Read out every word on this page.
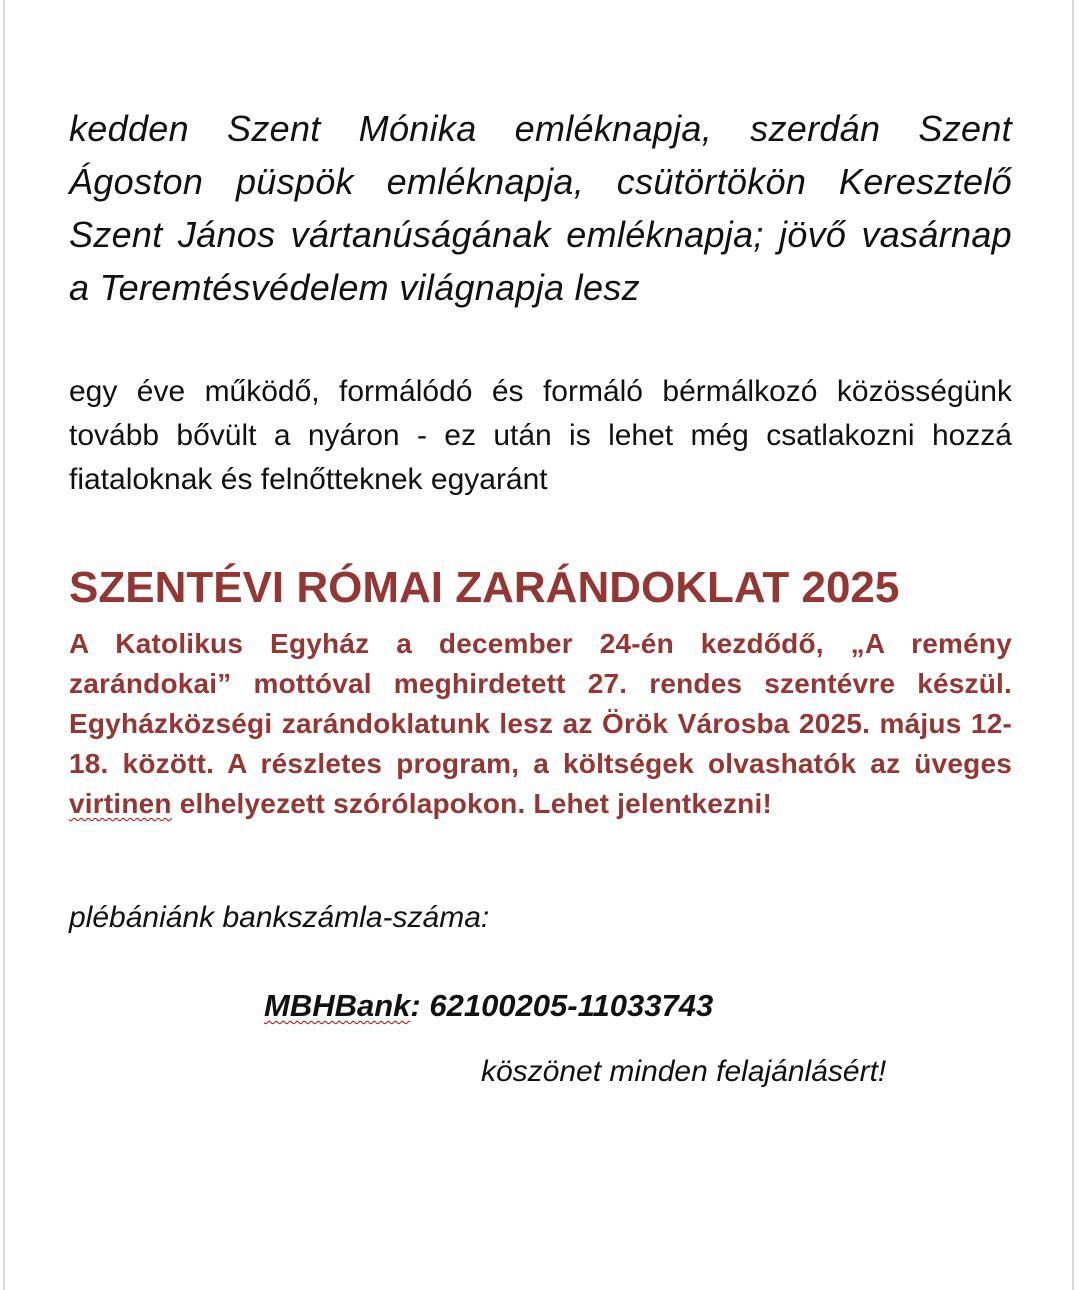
kedden Szent Mónika emléknapja, szerdán Szent Ágoston püspök emléknapja, csütörtökön Keresztelő Szent János vártanúságának emléknapja; jövő vasárnap a Teremtésvédelem világnapja lesz

egy éve működő, formálódó és formáló bérmálkozó közösségünk tovább bővült a nyáron - ez után is lehet még csatlakozni hozzá fiataloknak és felnőtteknek egyaránt

SZENTÉVI RÓMAI ZARÁNDOKLAT 2025

A Katolikus Egyház a december 24-én kezdődő, „A remény zarándokai” mottóval meghirdetett 27. rendes szentévre készül. Egyházközségi zarándoklatunk lesz az Örök Városba 2025. május 12-18. között. A részletes program, a költségek olvashatók az üveges virtinen elhelyezett szórólapokon. Lehet jelentkezni!

plébániánk bankszámla-száma:

MBHBank: 62100205-11033743

köszönet minden felajánlásért!
